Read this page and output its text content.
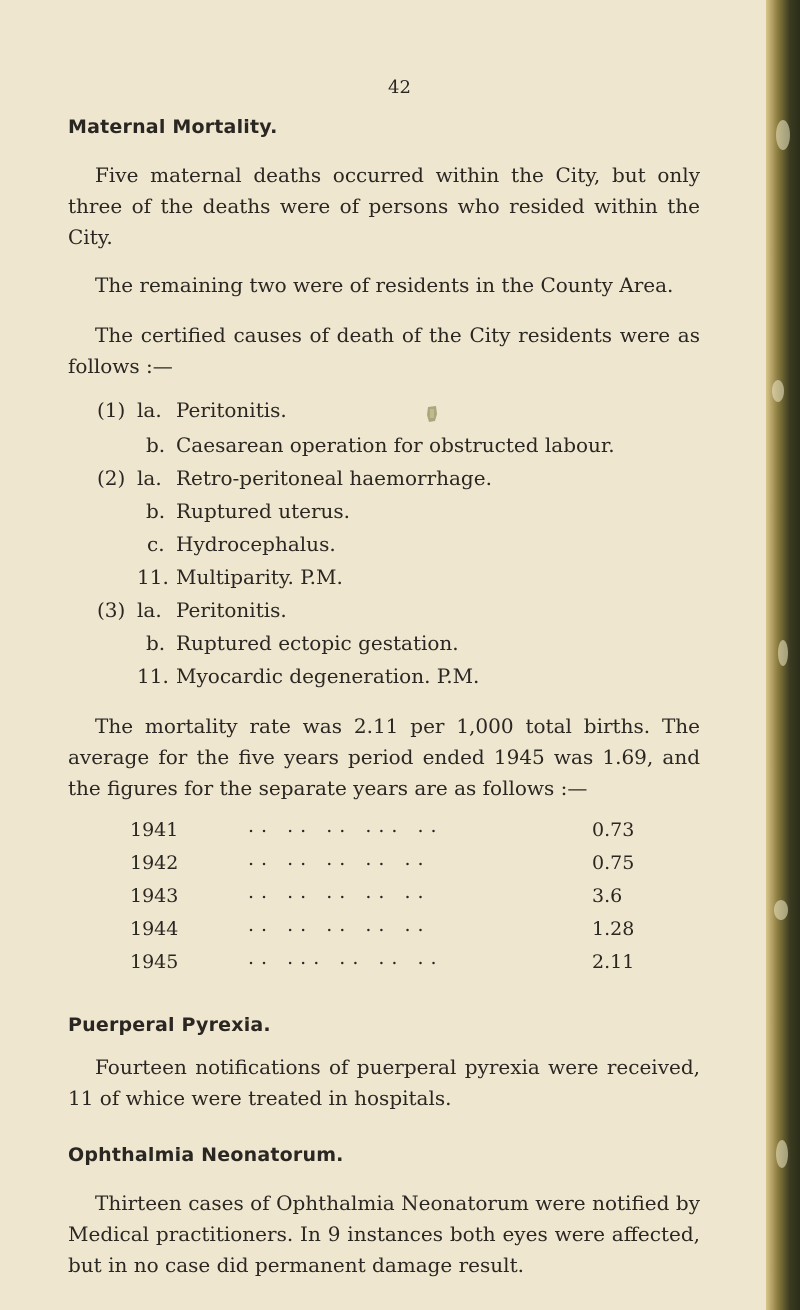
42
Maternal Mortality.

Five maternal deaths occurred within the City, but only three of the deaths were of persons who resided within the City.

The remaining two were of residents in the County Area.

The certified causes of death of the City residents were as follows :—

(1) la. Peritonitis.
b. Caesarean operation for obstructed labour.
(2) la. Retro-peritoneal haemorrhage.
b. Ruptured uterus.
c. Hydrocephalus.
11. Multiparity. P.M.
(3) la. Peritonitis.
b. Ruptured ectopic gestation.
11. Myocardic degeneration. P.M.

The mortality rate was 2.11 per 1,000 total births. The average for the five years period ended 1945 was 1.69, and the figures for the separate years are as follows :—

1941	.. .. .. ... ..	0.73
1942	.. .. .. .. ..	0.75
1943	.. .. .. .. ..	3.6
1944	.. .. .. .. ..	1.28
1945	.. ... .. .. ..	2.11
Puerperal Pyrexia.

Fourteen notifications of puerperal pyrexia were received, 11 of whice were treated in hospitals.

Ophthalmia Neonatorum.

Thirteen cases of Ophthalmia Neonatorum were notified by Medical practitioners. In 9 instances both eyes were affected, but in no case did permanent damage result.
